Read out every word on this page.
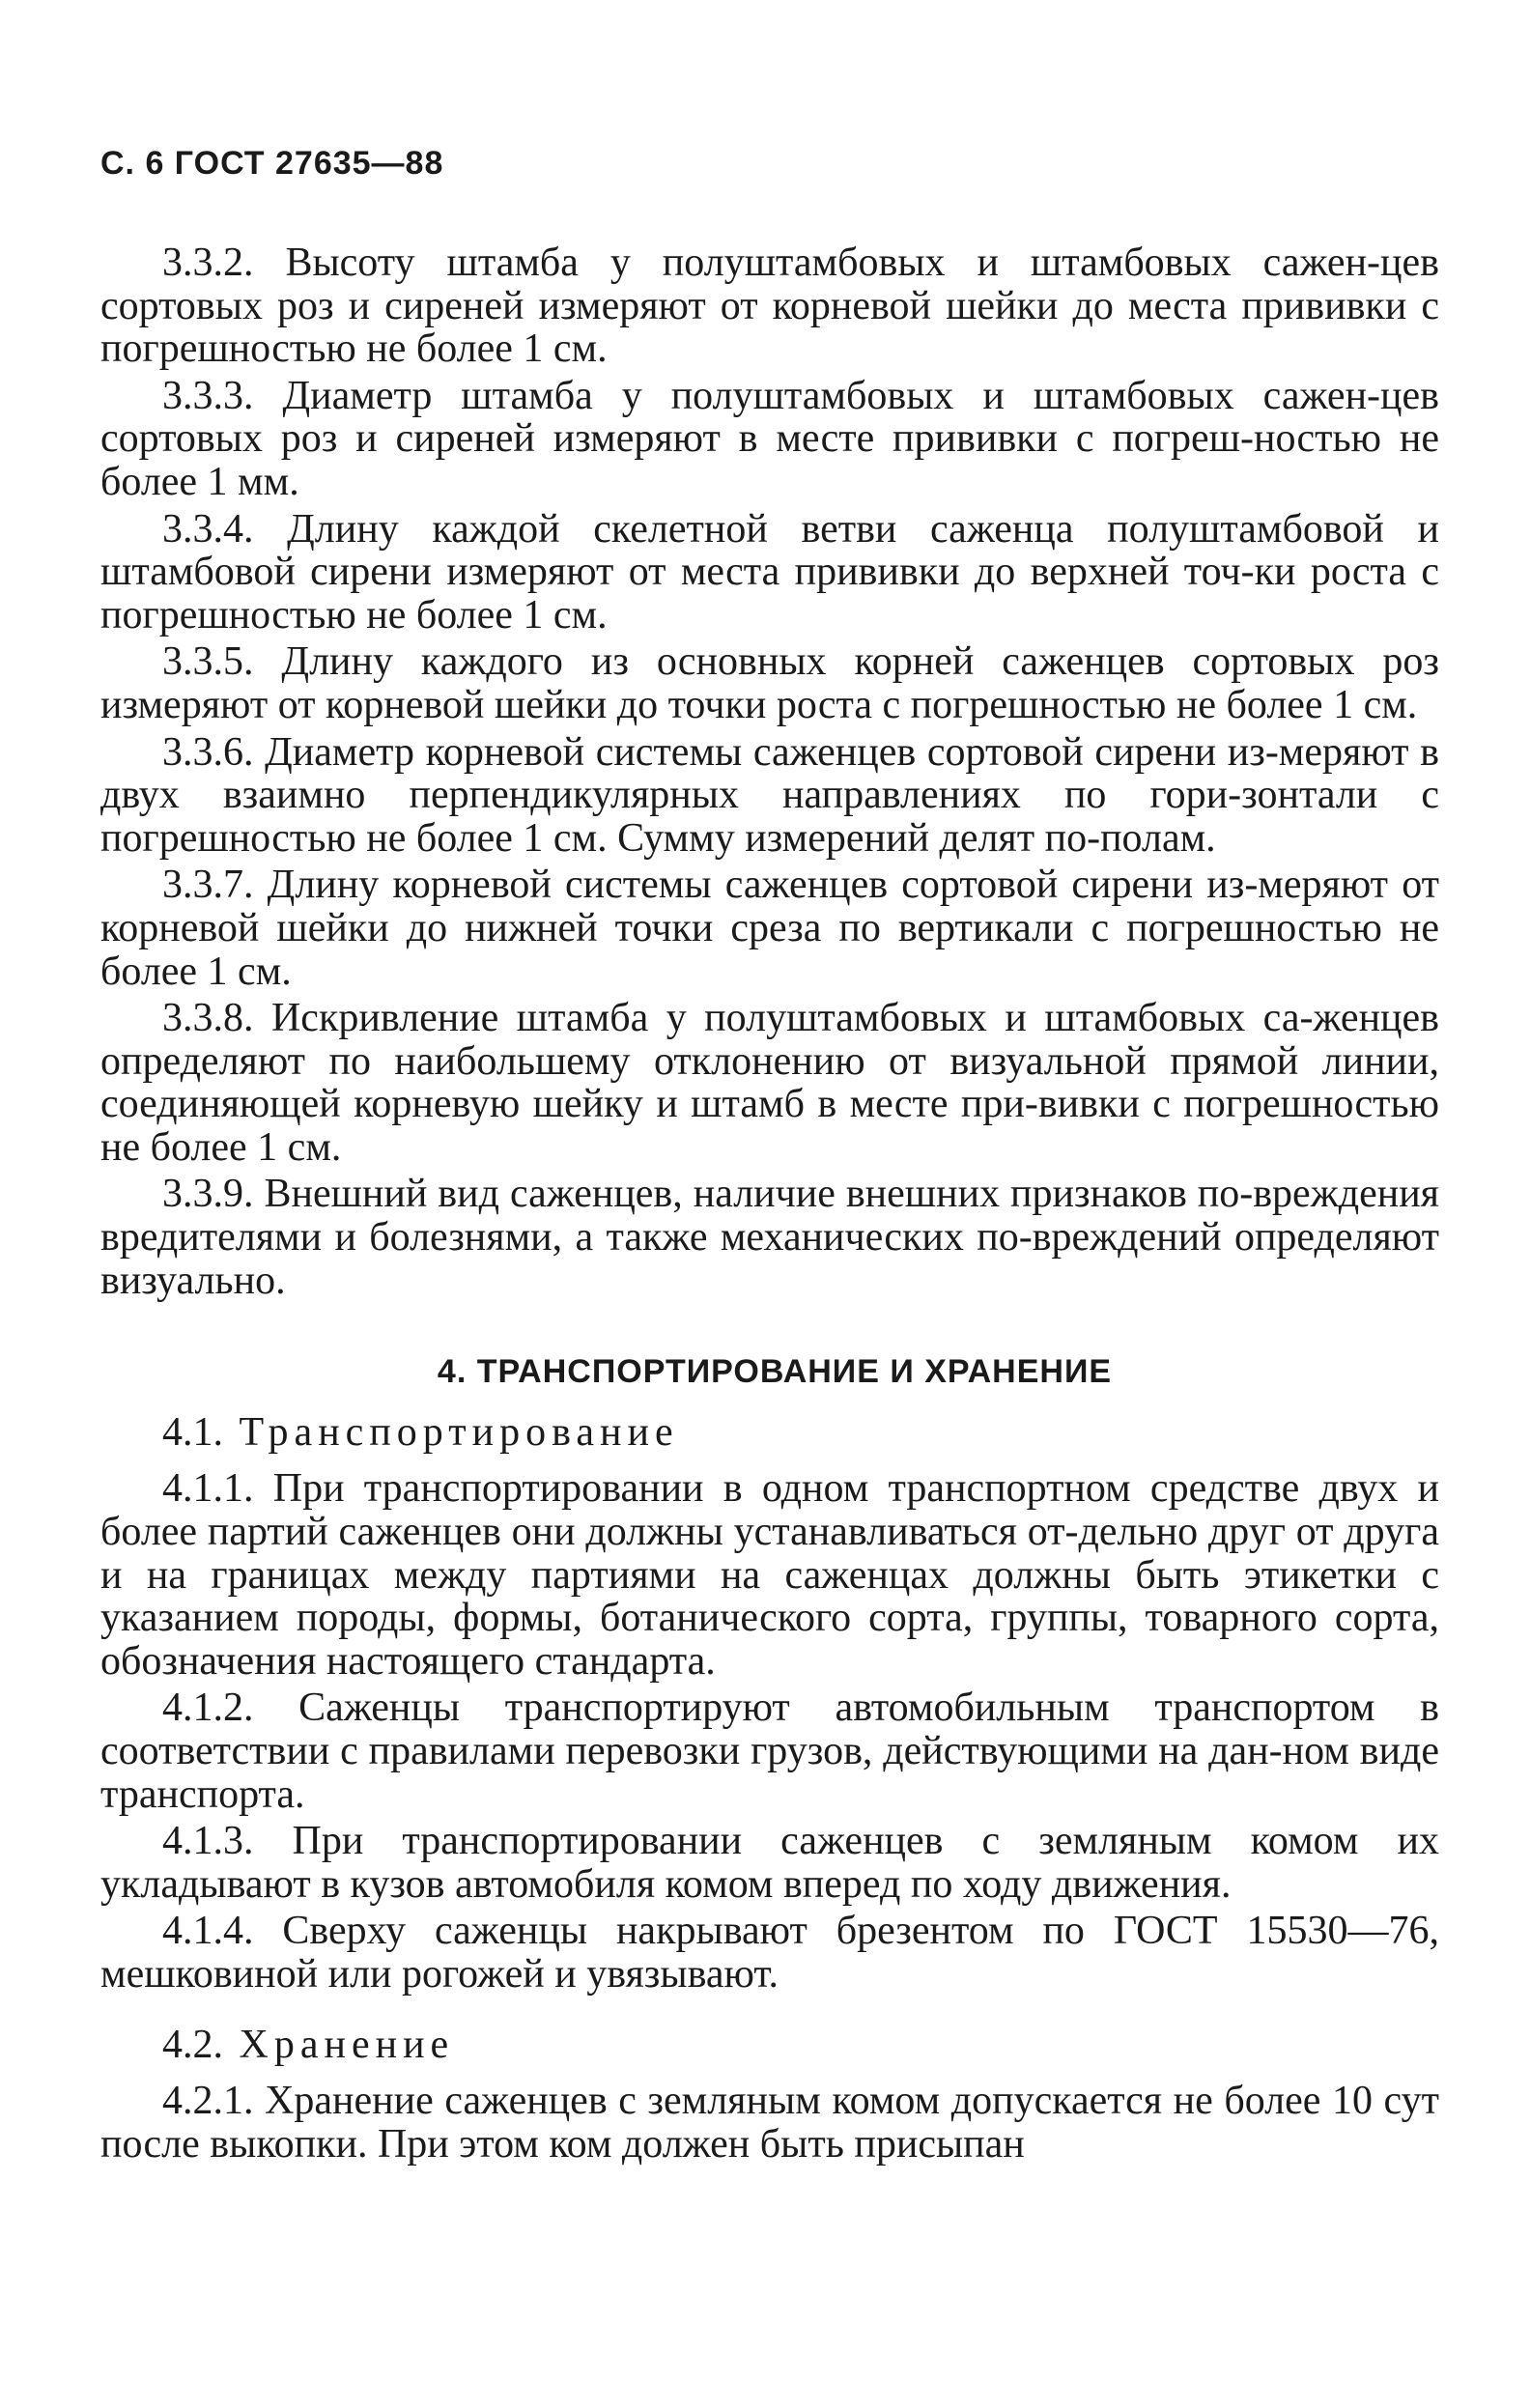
С. 6 ГОСТ 27635—88

3.3.2. Высоту штамба у полуштамбовых и штамбовых сажен-цев сортовых роз и сиреней измеряют от корневой шейки до места прививки с погрешностью не более 1 см.

3.3.3. Диаметр штамба у полуштамбовых и штамбовых сажен-цев сортовых роз и сиреней измеряют в месте прививки с погреш-ностью не более 1 мм.

3.3.4. Длину каждой скелетной ветви саженца полуштамбовой и штамбовой сирени измеряют от места прививки до верхней точ-ки роста с погрешностью не более 1 см.

3.3.5. Длину каждого из основных корней саженцев сортовых роз измеряют от корневой шейки до точки роста с погрешностью не более 1 см.

3.3.6. Диаметр корневой системы саженцев сортовой сирени из-меряют в двух взаимно перпендикулярных направлениях по гори-зонтали с погрешностью не более 1 см. Сумму измерений делят по-полам.

3.3.7. Длину корневой системы саженцев сортовой сирени из-меряют от корневой шейки до нижней точки среза по вертикали с погрешностью не более 1 см.

3.3.8. Искривление штамба у полуштамбовых и штамбовых са-женцев определяют по наибольшему отклонению от визуальной прямой линии, соединяющей корневую шейку и штамб в месте при-вивки с погрешностью не более 1 см.

3.3.9. Внешний вид саженцев, наличие внешних признаков по-вреждения вредителями и болезнями, а также механических по-вреждений определяют визуально.

4. ТРАНСПОРТИРОВАНИЕ И ХРАНЕНИЕ
4.1. Транспортирование

4.1.1. При транспортировании в одном транспортном средстве двух и более партий саженцев они должны устанавливаться от-дельно друг от друга и на границах между партиями на саженцах должны быть этикетки с указанием породы, формы, ботанического сорта, группы, товарного сорта, обозначения настоящего стандарта.

4.1.2. Саженцы транспортируют автомобильным транспортом в соответствии с правилами перевозки грузов, действующими на дан-ном виде транспорта.

4.1.3. При транспортировании саженцев с земляным комом их укладывают в кузов автомобиля комом вперед по ходу движения.

4.1.4. Сверху саженцы накрывают брезентом по ГОСТ 15530—76, мешковиной или рогожей и увязывают.

4.2. Хранение

4.2.1. Хранение саженцев с земляным комом допускается не более 10 сут после выкопки. При этом ком должен быть присыпан
